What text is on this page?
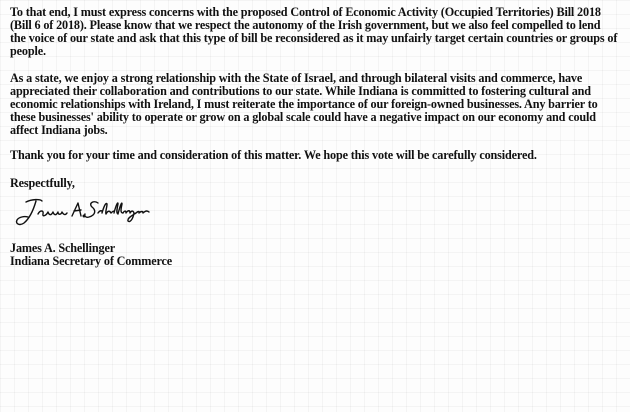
To that end, I must express concerns with the proposed Control of Economic Activity (Occupied Territories) Bill 2018 (Bill 6 of 2018). Please know that we respect the autonomy of the Irish government, but we also feel compelled to lend the voice of our state and ask that this type of bill be reconsidered as it may unfairly target certain countries or groups of people.

As a state, we enjoy a strong relationship with the State of Israel, and through bilateral visits and commerce, have appreciated their collaboration and contributions to our state. While Indiana is committed to fostering cultural and economic relationships with Ireland, I must reiterate the importance of our foreign-owned businesses. Any barrier to these businesses' ability to operate or grow on a global scale could have a negative impact on our economy and could affect Indiana jobs.

Thank you for your time and consideration of this matter. We hope this vote will be carefully considered.

Respectfully,

James A. Schellinger

Indiana Secretary of Commerce
